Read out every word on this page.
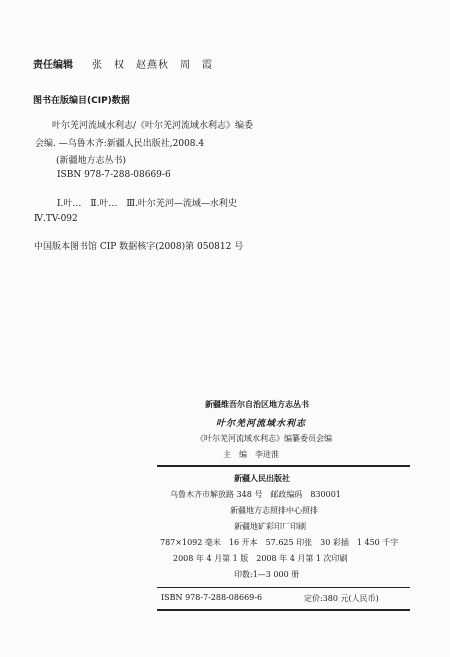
责任编辑 张　权　赵燕秋　周　霞
图书在版编目(CIP)数据
叶尔羌河流域水利志/《叶尔羌河流域水利志》编委
会编. —乌鲁木齐:新疆人民出版社,2008.4
(新疆地方志丛书)
ISBN 978-7-288-08669-6
Ⅰ.叶…　Ⅱ.叶…　Ⅲ.叶尔羌河—流域—水利史
Ⅳ.TV-092
中国版本图书馆 CIP 数据核字(2008)第 050812 号
新疆维吾尔自治区地方志丛书
叶尔羌河流域水利志
《叶尔羌河流域水利志》编纂委员会编
主　编　李进淮
新疆人民出版社
乌鲁木齐市解放路 348 号　邮政编码　830001
新疆地方志照排中心照排
新疆地矿彩印厂印刷
787×1092 毫米　16 开本　57.625 印张　30 彩插　1 450 千字
2008 年 4 月第 1 版　2008 年 4 月第 1 次印刷
印数:1—3 000 册
ISBN 978-7-288-08669-6	定价:380 元(人民币)
